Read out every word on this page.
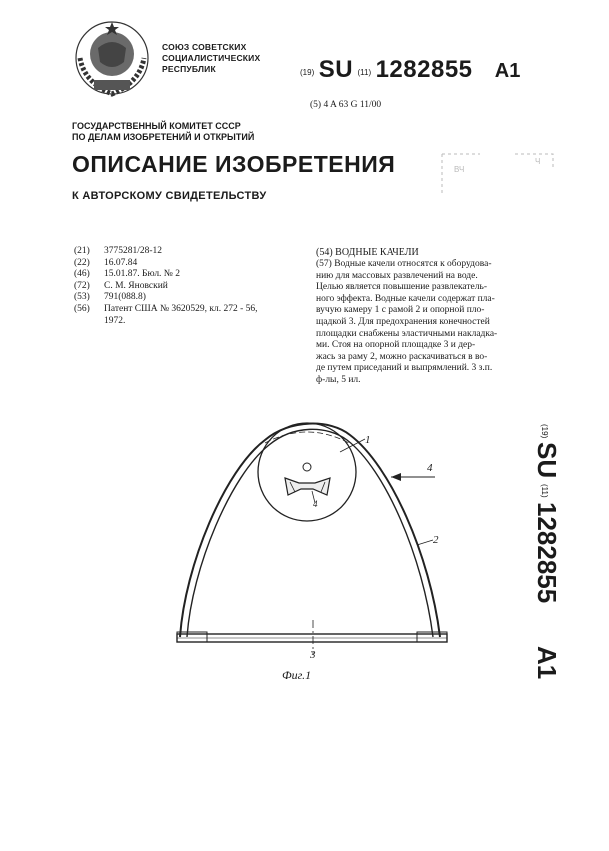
СОЮЗ СОВЕТСКИХ
СОЦИАЛИСТИЧЕСКИХ
РЕСПУБЛИК	(19) SU (11) 1282855 A1
(5) 4 A 63 G 11/00
ГОСУДАРСТВЕННЫЙ КОМИТЕТ СССР
ПО ДЕЛАМ ИЗОБРЕТЕНИЙ И ОТКРЫТИЙ
ОПИСАНИЕ ИЗОБРЕТЕНИЯ
К АВТОРСКОМУ СВИДЕТЕЛЬСТВУ
ВЧ
Ч
(21) 3775281/28-12
(22) 16.07.84
(46) 15.01.87. Бюл. № 2
(72) С. М. Яновский
(53) 791(088.8)
(56) Патент США № 3620529, кл. 272 - 56,
1972.
(54) ВОДНЫЕ КАЧЕЛИ
(57) Водные качели относятся к оборудова-
нию для массовых развлечений на воде.
Целью является повышение развлекатель-
ного эффекта. Водные качели содержат пла-
вучую камеру 1 с рамой 2 и опорной пло-
щадкой 3. Для предохранения конечностей
площадки снабжены эластичными накладка-
ми. Стоя на опорной площадке 3 и дер-
жась за раму 2, можно раскачиваться в во-
де путем приседаний и выпрямлений. 3 з.п.
ф-лы, 5 ил.
(19)
SU
(11)
1282855
A1
1
2
3
4
4
Фиг.1
